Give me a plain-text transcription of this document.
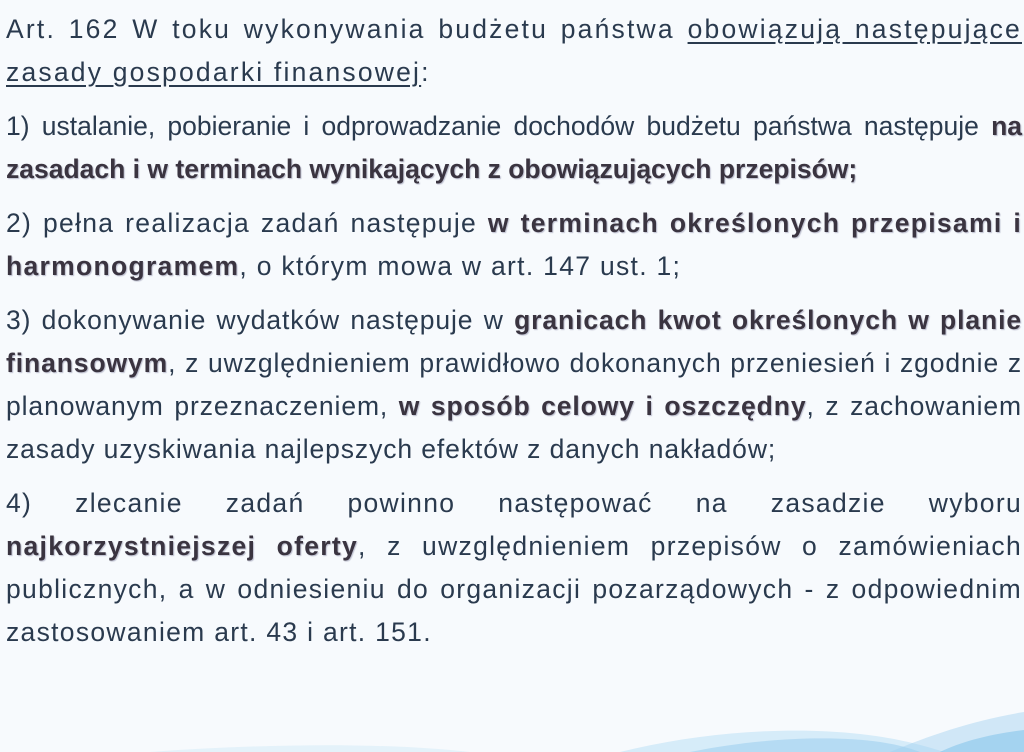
Art. 162 W toku wykonywania budżetu państwa obowiązują następujące zasady gospodarki finansowej:

1) ustalanie, pobieranie i odprowadzanie dochodów budżetu państwa następuje na zasadach i w terminach wynikających z obowiązujących przepisów;

2) pełna realizacja zadań następuje w terminach określonych przepisami i harmonogramem, o którym mowa w art. 147 ust. 1;

3) dokonywanie wydatków następuje w granicach kwot określonych w planie finansowym, z uwzględnieniem prawidłowo dokonanych przeniesień i zgodnie z planowanym przeznaczeniem, w sposób celowy i oszczędny, z zachowaniem zasady uzyskiwania najlepszych efektów z danych nakładów;

4) zlecanie zadań powinno następować na zasadzie wyboru najkorzystniejszej oferty, z uwzględnieniem przepisów o zamówieniach publicznych, a w odniesieniu do organizacji pozarządowych - z odpowiednim zastosowaniem art. 43 i art. 151.
